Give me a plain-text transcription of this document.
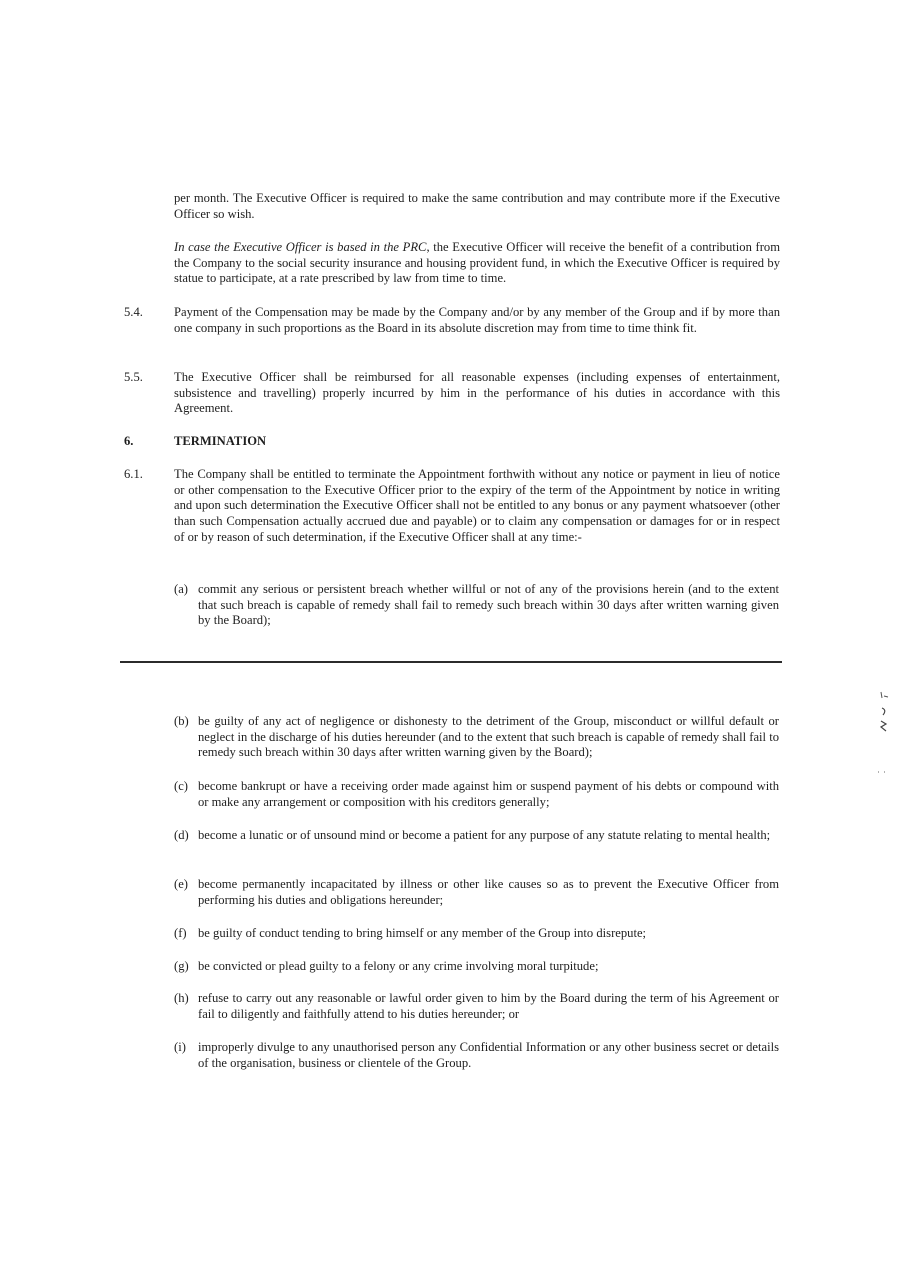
per month. The Executive Officer is required to make the same contribution and may contribute more if the Executive Officer so wish.

In case the Executive Officer is based in the PRC, the Executive Officer will receive the benefit of a contribution from the Company to the social security insurance and housing provident fund, in which the Executive Officer is required by statue to participate, at a rate prescribed by law from time to time.

5.4. Payment of the Compensation may be made by the Company and/or by any member of the Group and if by more than one company in such proportions as the Board in its absolute discretion may from time to time think fit.

5.5. The Executive Officer shall be reimbursed for all reasonable expenses (including expenses of entertainment, subsistence and travelling) properly incurred by him in the performance of his duties in accordance with this Agreement.

6.	TERMINATION

6.1. The Company shall be entitled to terminate the Appointment forthwith without any notice or payment in lieu of notice or other compensation to the Executive Officer prior to the expiry of the term of the Appointment by notice in writing and upon such determination the Executive Officer shall not be entitled to any bonus or any payment whatsoever (other than such Compensation actually accrued due and payable) or to claim any compensation or damages for or in respect of or by reason of such determination, if the Executive Officer shall at any time:-

(a) commit any serious or persistent breach whether willful or not of any of the provisions herein (and to the extent that such breach is capable of remedy shall fail to remedy such breach within 30 days after written warning given by the Board);

(b) be guilty of any act of negligence or dishonesty to the detriment of the Group, misconduct or willful default or neglect in the discharge of his duties hereunder (and to the extent that such breach is capable of remedy shall fail to remedy such breach within 30 days after written warning given by the Board);

(c) become bankrupt or have a receiving order made against him or suspend payment of his debts or compound with or make any arrangement or composition with his creditors generally;

(d) become a lunatic or of unsound mind or become a patient for any purpose of any statute relating to mental health;

(e) become permanently incapacitated by illness or other like causes so as to prevent the Executive Officer from performing his duties and obligations hereunder;

(f) be guilty of conduct tending to bring himself or any member of the Group into disrepute;

(g) be convicted or plead guilty to a felony or any crime involving moral turpitude;

(h) refuse to carry out any reasonable or lawful order given to him by the Board during the term of his Agreement or fail to diligently and faithfully attend to his duties hereunder; or

(i) improperly divulge to any unauthorised person any Confidential Information or any other business secret or details of the organisation, business or clientele of the Group.
